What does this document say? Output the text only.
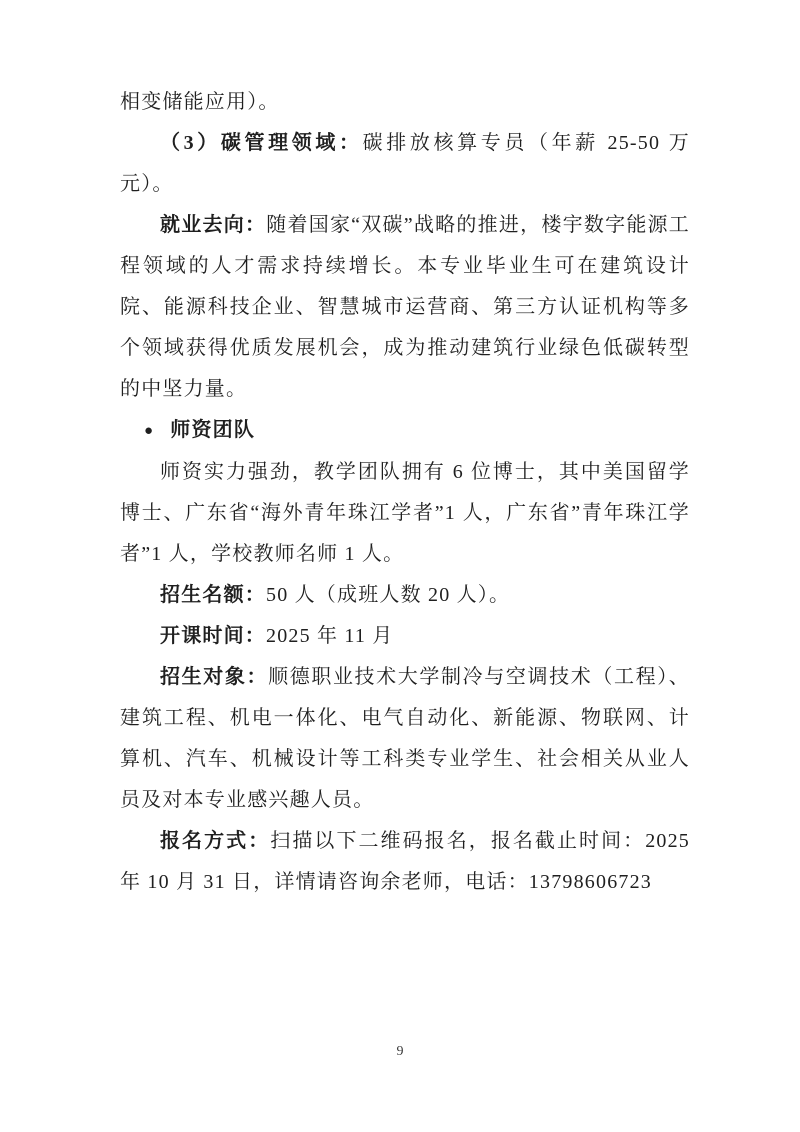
相变储能应用）。
（3）碳管理领域：碳排放核算专员（年薪 25-50 万元）。
就业去向：随着国家“双碳”战略的推进，楼宇数字能源工程领域的人才需求持续增长。本专业毕业生可在建筑设计院、能源科技企业、智慧城市运营商、第三方认证机构等多个领域获得优质发展机会，成为推动建筑行业绿色低碳转型的中坚力量。
● 师资团队
师资实力强劲，教学团队拥有 6 位博士，其中美国留学博士、广东省“海外青年珠江学者”1 人，广东省”青年珠江学者”1 人，学校教师名师 1 人。
招生名额：50 人（成班人数 20 人）。
开课时间：2025 年 11 月
招生对象：顺德职业技术大学制冷与空调技术（工程）、建筑工程、机电一体化、电气自动化、新能源、物联网、计算机、汽车、机械设计等工科类专业学生、社会相关从业人员及对本专业感兴趣人员。
报名方式：扫描以下二维码报名，报名截止时间：2025 年 10 月 31 日，详情请咨询余老师，电话：13798606723
9
